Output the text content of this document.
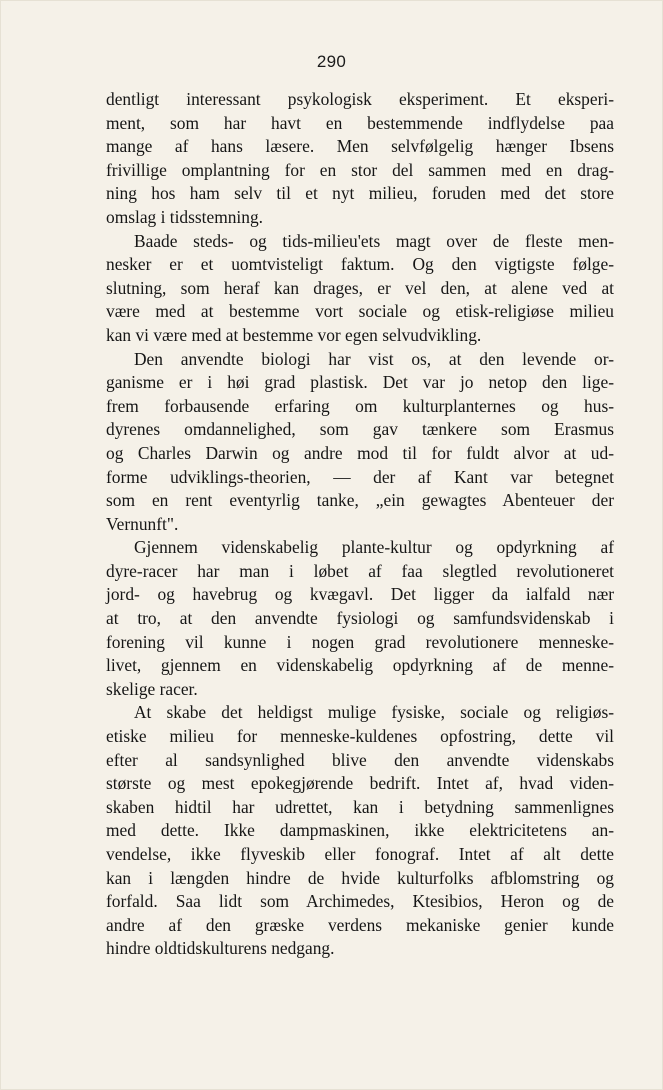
290
dentligt interessant psykologisk eksperiment. Et eksperi-
ment, som har havt en bestemmende indflydelse paa
mange af hans læsere. Men selvfølgelig hænger Ibsens
frivillige omplantning for en stor del sammen med en drag-
ning hos ham selv til et nyt milieu, foruden med det store
omslag i tidsstemning.
Baade steds- og tids-milieu'ets magt over de fleste men-
nesker er et uomtvisteligt faktum. Og den vigtigste følge-
slutning, som heraf kan drages, er vel den, at alene ved at
være med at bestemme vort sociale og etisk-religiøse milieu
kan vi være med at bestemme vor egen selvudvikling.
Den anvendte biologi har vist os, at den levende or-
ganisme er i høi grad plastisk. Det var jo netop den lige-
frem forbausende erfaring om kulturplanternes og hus-
dyrenes omdannelighed, som gav tænkere som Erasmus
og Charles Darwin og andre mod til for fuldt alvor at ud-
forme udviklings-theorien, — der af Kant var betegnet
som en rent eventyrlig tanke, „ein gewagtes Abenteuer der
Vernunft".
Gjennem videnskabelig plante-kultur og opdyrkning af
dyre-racer har man i løbet af faa slegtled revolutioneret
jord- og havebrug og kvægavl. Det ligger da ialfald nær
at tro, at den anvendte fysiologi og samfundsvidenskab i
forening vil kunne i nogen grad revolutionere menneske-
livet, gjennem en videnskabelig opdyrkning af de menne-
skelige racer.
At skabe det heldigst mulige fysiske, sociale og religiøs-
etiske milieu for menneske-kuldenes opfostring, dette vil
efter al sandsynlighed blive den anvendte videnskabs
største og mest epokegjørende bedrift. Intet af, hvad viden-
skaben hidtil har udrettet, kan i betydning sammenlignes
med dette. Ikke dampmaskinen, ikke elektricitetens an-
vendelse, ikke flyveskib eller fonograf. Intet af alt dette
kan i længden hindre de hvide kulturfolks afblomstring og
forfald. Saa lidt som Archimedes, Ktesibios, Heron og de
andre af den græske verdens mekaniske genier kunde
hindre oldtidskulturens nedgang.
